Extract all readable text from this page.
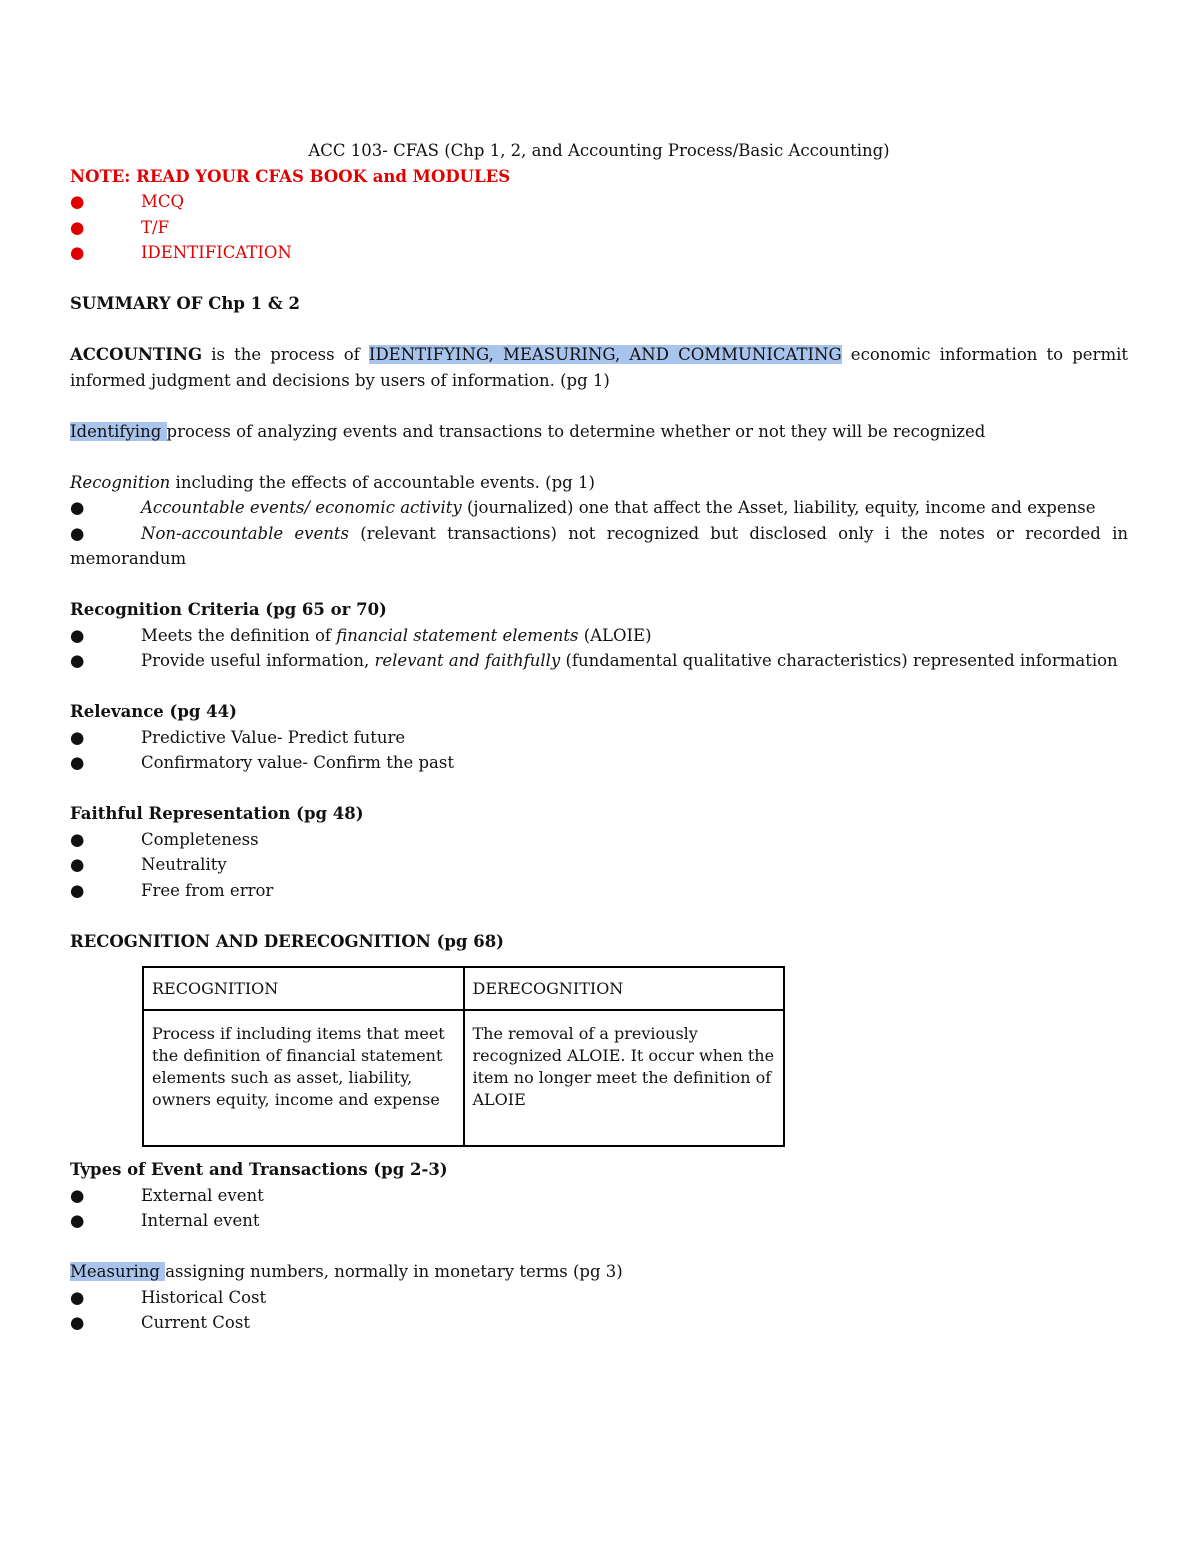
ACC 103- CFAS (Chp 1, 2, and Accounting Process/Basic Accounting)
NOTE: READ YOUR CFAS BOOK and MODULES
●	MCQ
●	T/F
●	IDENTIFICATION
SUMMARY OF Chp 1 & 2
ACCOUNTING is the process of IDENTIFYING, MEASURING, AND COMMUNICATING economic information to permit informed judgment and decisions by users of information. (pg 1)
Identifying process of analyzing events and transactions to determine whether or not they will be recognized
Recognition including the effects of accountable events. (pg 1)
●	Accountable events/ economic activity (journalized) one that affect the Asset, liability, equity, income and expense
●	Non-accountable events (relevant transactions) not recognized but disclosed only i the notes or recorded in memorandum
Recognition Criteria (pg 65 or 70)
●	Meets the definition of financial statement elements (ALOIE)
●	Provide useful information, relevant and faithfully (fundamental qualitative characteristics) represented information
Relevance (pg 44)
●	Predictive Value- Predict future
●	Confirmatory value- Confirm the past
Faithful Representation (pg 48)
●	Completeness
●	Neutrality
●	Free from error
RECOGNITION AND DERECOGNITION (pg 68)
RECOGNITION	DERECOGNITION
Process if including items that meet the definition of financial statement elements such as asset, liability, owners equity, income and expense	The removal of a previously recognized ALOIE. It occur when the item no longer meet the definition of ALOIE
Types of Event and Transactions (pg 2-3)
●	External event
●	Internal event
Measuring assigning numbers, normally in monetary terms (pg 3)
●	Historical Cost
●	Current Cost
